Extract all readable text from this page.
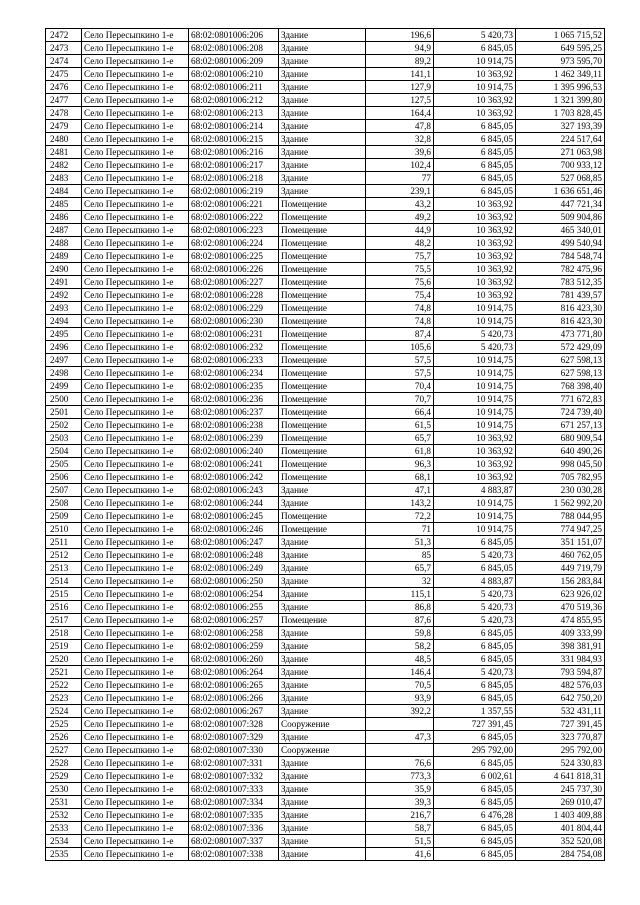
2472	Село Пересыпкино 1-е	68:02:0801006:206	Здание	196,6	5 420,73	1 065 715,52
2473	Село Пересыпкино 1-е	68:02:0801006:208	Здание	94,9	6 845,05	649 595,25
2474	Село Пересыпкино 1-е	68:02:0801006:209	Здание	89,2	10 914,75	973 595,70
2475	Село Пересыпкино 1-е	68:02:0801006:210	Здание	141,1	10 363,92	1 462 349,11
2476	Село Пересыпкино 1-е	68:02:0801006:211	Здание	127,9	10 914,75	1 395 996,53
2477	Село Пересыпкино 1-е	68:02:0801006:212	Здание	127,5	10 363,92	1 321 399,80
2478	Село Пересыпкино 1-е	68:02:0801006:213	Здание	164,4	10 363,92	1 703 828,45
2479	Село Пересыпкино 1-е	68:02:0801006:214	Здание	47,8	6 845,05	327 193,39
2480	Село Пересыпкино 1-е	68:02:0801006:215	Здание	32,8	6 845,05	224 517,64
2481	Село Пересыпкино 1-е	68:02:0801006:216	Здание	39,6	6 845,05	271 063,98
2482	Село Пересыпкино 1-е	68:02:0801006:217	Здание	102,4	6 845,05	700 933,12
2483	Село Пересыпкино 1-е	68:02:0801006:218	Здание	77	6 845,05	527 068,85
2484	Село Пересыпкино 1-е	68:02:0801006:219	Здание	239,1	6 845,05	1 636 651,46
2485	Село Пересыпкино 1-е	68:02:0801006:221	Помещение	43,2	10 363,92	447 721,34
2486	Село Пересыпкино 1-е	68:02:0801006:222	Помещение	49,2	10 363,92	509 904,86
2487	Село Пересыпкино 1-е	68:02:0801006:223	Помещение	44,9	10 363,92	465 340,01
2488	Село Пересыпкино 1-е	68:02:0801006:224	Помещение	48,2	10 363,92	499 540,94
2489	Село Пересыпкино 1-е	68:02:0801006:225	Помещение	75,7	10 363,92	784 548,74
2490	Село Пересыпкино 1-е	68:02:0801006:226	Помещение	75,5	10 363,92	782 475,96
2491	Село Пересыпкино 1-е	68:02:0801006:227	Помещение	75,6	10 363,92	783 512,35
2492	Село Пересыпкино 1-е	68:02:0801006:228	Помещение	75,4	10 363,92	781 439,57
2493	Село Пересыпкино 1-е	68:02:0801006:229	Помещение	74,8	10 914,75	816 423,30
2494	Село Пересыпкино 1-е	68:02:0801006:230	Помещение	74,8	10 914,75	816 423,30
2495	Село Пересыпкино 1-е	68:02:0801006:231	Помещение	87,4	5 420,73	473 771,80
2496	Село Пересыпкино 1-е	68:02:0801006:232	Помещение	105,6	5 420,73	572 429,09
2497	Село Пересыпкино 1-е	68:02:0801006:233	Помещение	57,5	10 914,75	627 598,13
2498	Село Пересыпкино 1-е	68:02:0801006:234	Помещение	57,5	10 914,75	627 598,13
2499	Село Пересыпкино 1-е	68:02:0801006:235	Помещение	70,4	10 914,75	768 398,40
2500	Село Пересыпкино 1-е	68:02:0801006:236	Помещение	70,7	10 914,75	771 672,83
2501	Село Пересыпкино 1-е	68:02:0801006:237	Помещение	66,4	10 914,75	724 739,40
2502	Село Пересыпкино 1-е	68:02:0801006:238	Помещение	61,5	10 914,75	671 257,13
2503	Село Пересыпкино 1-е	68:02:0801006:239	Помещение	65,7	10 363,92	680 909,54
2504	Село Пересыпкино 1-е	68:02:0801006:240	Помещение	61,8	10 363,92	640 490,26
2505	Село Пересыпкино 1-е	68:02:0801006:241	Помещение	96,3	10 363,92	998 045,50
2506	Село Пересыпкино 1-е	68:02:0801006:242	Помещение	68,1	10 363,92	705 782,95
2507	Село Пересыпкино 1-е	68:02:0801006:243	Здание	47,1	4 883,87	230 030,28
2508	Село Пересыпкино 1-е	68:02:0801006:244	Здание	143,2	10 914,75	1 562 992,20
2509	Село Пересыпкино 1-е	68:02:0801006:245	Помещение	72,2	10 914,75	788 044,95
2510	Село Пересыпкино 1-е	68:02:0801006:246	Помещение	71	10 914,75	774 947,25
2511	Село Пересыпкино 1-е	68:02:0801006:247	Здание	51,3	6 845,05	351 151,07
2512	Село Пересыпкино 1-е	68:02:0801006:248	Здание	85	5 420,73	460 762,05
2513	Село Пересыпкино 1-е	68:02:0801006:249	Здание	65,7	6 845,05	449 719,79
2514	Село Пересыпкино 1-е	68:02:0801006:250	Здание	32	4 883,87	156 283,84
2515	Село Пересыпкино 1-е	68:02:0801006:254	Здание	115,1	5 420,73	623 926,02
2516	Село Пересыпкино 1-е	68:02:0801006:255	Здание	86,8	5 420,73	470 519,36
2517	Село Пересыпкино 1-е	68:02:0801006:257	Помещение	87,6	5 420,73	474 855,95
2518	Село Пересыпкино 1-е	68:02:0801006:258	Здание	59,8	6 845,05	409 333,99
2519	Село Пересыпкино 1-е	68:02:0801006:259	Здание	58,2	6 845,05	398 381,91
2520	Село Пересыпкино 1-е	68:02:0801006:260	Здание	48,5	6 845,05	331 984,93
2521	Село Пересыпкино 1-е	68:02:0801006:264	Здание	146,4	5 420,73	793 594,87
2522	Село Пересыпкино 1-е	68:02:0801006:265	Здание	70,5	6 845,05	482 576,03
2523	Село Пересыпкино 1-е	68:02:0801006:266	Здание	93,9	6 845,05	642 750,20
2524	Село Пересыпкино 1-е	68:02:0801006:267	Здание	392,2	1 357,55	532 431,11
2525	Село Пересыпкино 1-е	68:02:0801007:328	Сооружение		727 391,45	727 391,45
2526	Село Пересыпкино 1-е	68:02:0801007:329	Здание	47,3	6 845,05	323 770,87
2527	Село Пересыпкино 1-е	68:02:0801007:330	Сооружение		295 792,00	295 792,00
2528	Село Пересыпкино 1-е	68:02:0801007:331	Здание	76,6	6 845,05	524 330,83
2529	Село Пересыпкино 1-е	68:02:0801007:332	Здание	773,3	6 002,61	4 641 818,31
2530	Село Пересыпкино 1-е	68:02:0801007:333	Здание	35,9	6 845,05	245 737,30
2531	Село Пересыпкино 1-е	68:02:0801007:334	Здание	39,3	6 845,05	269 010,47
2532	Село Пересыпкино 1-е	68:02:0801007:335	Здание	216,7	6 476,28	1 403 409,88
2533	Село Пересыпкино 1-е	68:02:0801007:336	Здание	58,7	6 845,05	401 804,44
2534	Село Пересыпкино 1-е	68:02:0801007:337	Здание	51,5	6 845,05	352 520,08
2535	Село Пересыпкино 1-е	68:02:0801007:338	Здание	41,6	6 845,05	284 754,08
